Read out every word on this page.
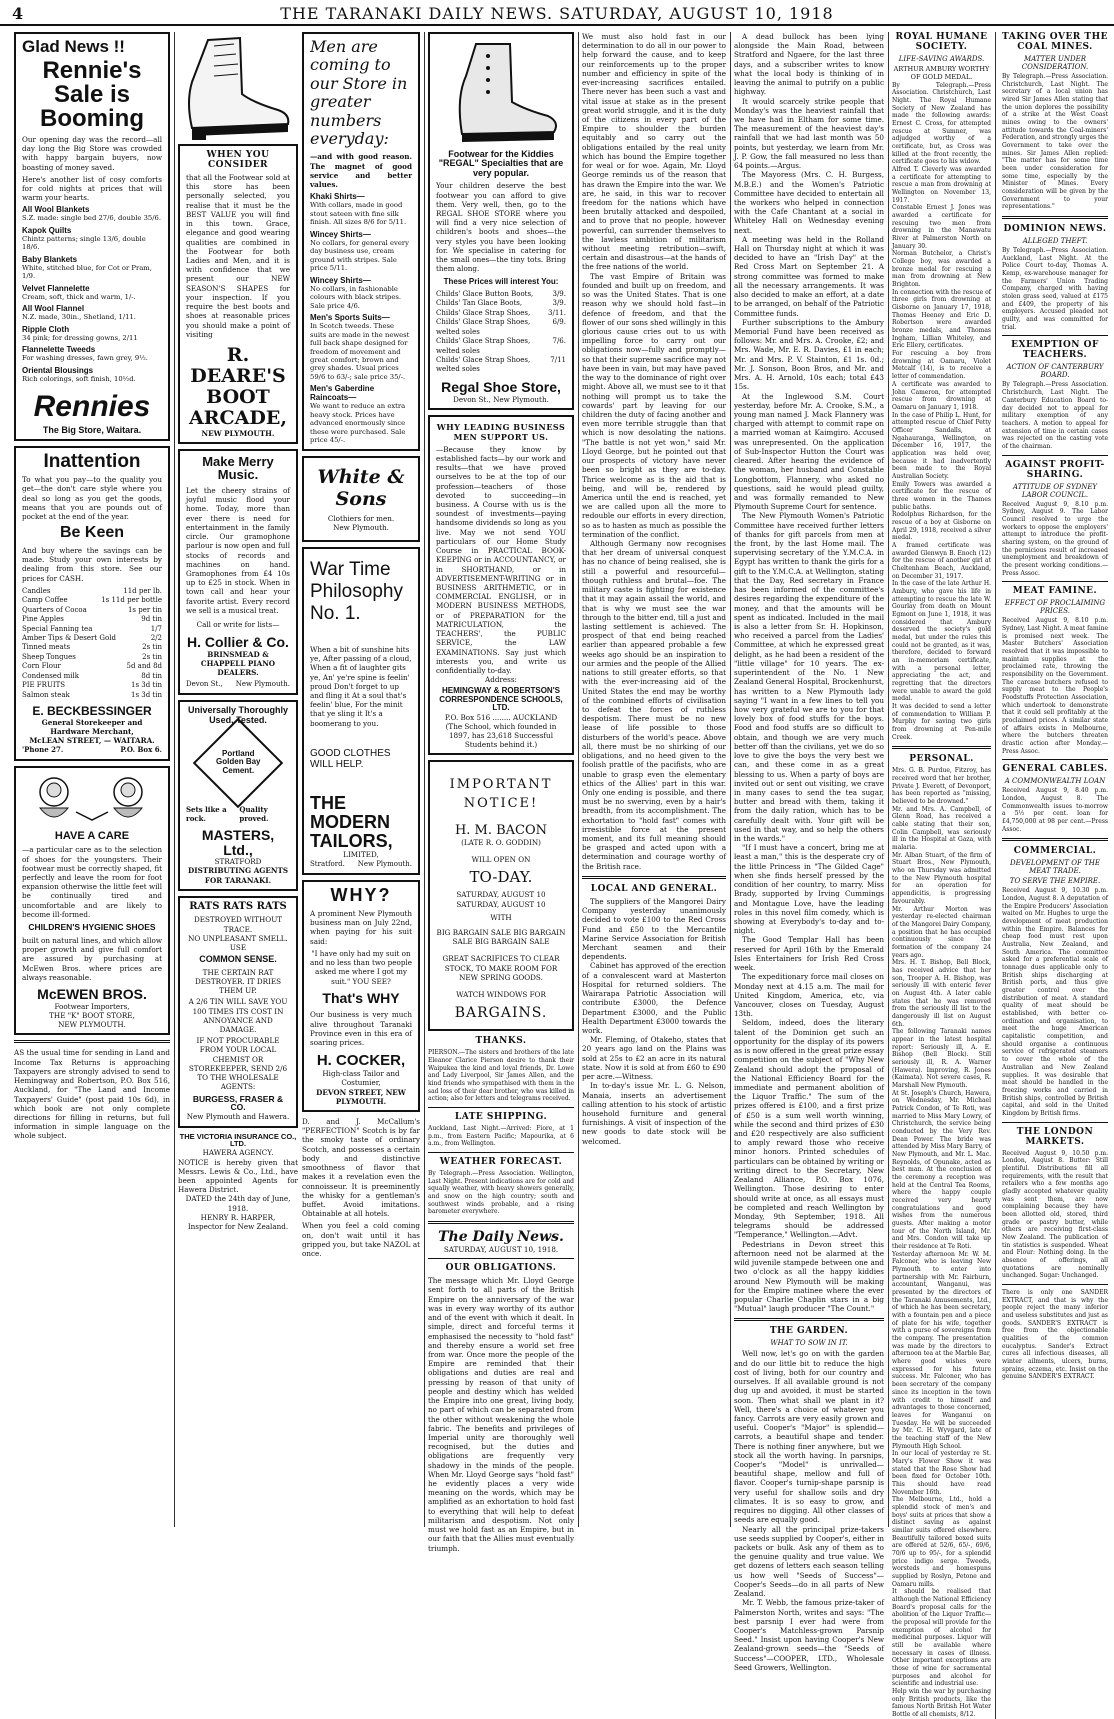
4	THE TARANAKI DAILY NEWS. SATURDAY, AUGUST 10, 1918
Glad News !!
Rennie's Sale is Booming
Our opening day was the record—all day long the Big Store was crowded with happy bargain buyers, now boasting of money saved.
Here's another list of cosy comforts for cold nights at prices that will warm your hearts.
All Wool Blankets
S.Z. made: single bed 27/6, double 35/6.
Kapok Quilts
Chintz patterns; single 13/6, double 18/6.
Baby Blankets
White, stitched blue, for Cot or Pram, 1/9.
Velvet Flannelette
Cream, soft, thick and warm, 1/-.
All Wool Flannel
N.Z. made, 30in., Shetland, 1/11.
Ripple Cloth
34 pink; for dressing gowns, 2/11
Flannelette Tweeds
For washing dresses, fawn grey, 9½.
Oriental Blousings
Rich colorings, soft finish, 10½d.
Rennies
The Big Store, Waitara.
Inattention
To what you pay—to the quality you get—the don't care style where you deal so long as you get the goods, means that you are pounds out of pocket at the end of the year.
Be Keen
And buy where the savings can be made. Study your own interests by dealing from this store. See our prices for CASH.
Candles	11d per lb.
Camp Coffee	1s 11d per bottle
Quarters of Cocoa	1s per tin
Pine Apples	9d tin
Special Fanning tea	1/7
Amber Tips & Desert Gold	2/2
Tinned meats	2s tin
Sheep Tongues	2s tin
Corn Flour	5d and 8d
Condensed milk	8d tin
PIE FRUITS	1s 3d tin
Salmon steak	1s 3d tin
E. BECKBESSINGER
General Storekeeper and Hardware Merchant,
McLEAN STREET, — WAITARA.
'Phone 27.	P.O. Box 6.
HAVE A CARE
—a particular care as to the selection of shoes for the youngsters. Their footwear must be correctly shaped, fit perfectly and leave the room for foot expansion otherwise the little feet will be continually tired and uncomfortable and are likely to become ill-formed.
CHILDREN'S HYGIENIC SHOES
built on natural lines, and which allow proper growth and give full comfort are assured by purchasing at McEwen Bros. where prices are always reasonable.
McEWEN BROS.
Footwear Importers,
THE "K" BOOT STORE,
NEW PLYMOUTH.
AS the usual time for sending in Land and Income Tax Returns is approaching Taxpayers are strongly advised to send to Hemingway and Robertson, P.O. Box 516, Auckland, for "The Land and Income Taxpayers' Guide" (post paid 10s 6d), in which book are not only complete directions for filling in returns, but full information in simple language on the whole subject.
WHEN YOU CONSIDER
that all the Footwear sold at this store has been personally selected, you realise that it must be the BEST VALUE you will find in this town. Grace, elegance and good wearing qualities are combined in the Footwear for both Ladies and Men, and it is with confidence that we present our NEW SEASON'S SHAPES for your inspection. If you require the best boots and shoes at reasonable prices you should make a point of visiting
R. DEARE'S BOOT ARCADE,
NEW PLYMOUTH.
Make Merry Music.
Let the cheery strains of joyful music flood your home. Today, more than ever there is need for entertainment in the family circle. Our gramophone parlour is now open and full stocks of records and machines on hand. Gramophones from £4 10s up to £25 in stock. When in town call and hear your favorite artist. Every record we sell is a musical treat.
Call or write for lists—
H. Collier & Co.
BRINSMEAD & CHAPPELL PIANO DEALERS.
Devon St., New Plymouth.
Universally Thoroughly Used, Tested.
Portland Golden Bay Cement.
Sets like a rock.
Quality proved.
MASTERS, Ltd.,
STRATFORD
DISTRIBUTING AGENTS FOR TARANAKI.
RATS RATS RATS
DESTROYED WITHOUT TRACE.
NO UNPLEASANT SMELL.
USE
COMMON SENSE.
THE CERTAIN RAT DESTROYER. IT DRIES THEM UP.
A 2/6 TIN WILL SAVE YOU 100 TIMES ITS COST IN ANNOYANCE AND DAMAGE.
IF NOT PROCURABLE FROM YOUR LOCAL CHEMIST OR STOREKEEPER, SEND 2/6 TO THE WHOLESALE AGENTS:
BURGESS, FRASER & CO.
New Plymouth and Hawera.
THE VICTORIA INSURANCE CO., LTD.
HAWERA AGENCY.
NOTICE is hereby given that Messrs. Lewis & Co., Ltd., have been appointed Agents for Hawera District.
DATED the 24th day of June, 1918.
HENRY R. HARPER,
Inspector for New Zealand.
Men are coming to our Store in greater numbers everyday:
—and with good reason. The magnet of good service and better values.
Khaki Shirts—
With collars, made in good stout sateen with fine silk finish. All sizes 8/6 for 5/11.
Wincey Shirts—
No collars, for general every day business use, cream ground with stripes. Sale price 5/11.
Wincey Shirts—
No collars, in fashionable colours with black stripes. Sale price 4/6.
Men's Sports Suits—
In Scotch tweeds. These suits are made in the newest full back shape designed for freedom of movement and great comfort; brown and grey shades. Usual prices 59/6 to 63/-; sale price 35/-.
Men's Gaberdine Raincoats—
We want to reduce an extra heavy stock. Prices have advanced enormously since these were purchased. Sale price 45/-.
White & Sons
Clothiers for men.
New Plymouth.
War Time Philosophy No. 1.
When a bit of sunshine hits ye, After passing of a cloud, When a fit of laughter gits ye, An' ye're spine is feelin' proud Don't forget to up and fling it At a soul that's feelin' blue, For the minit that ye sling it It's a boomerang to you.
GOOD CLOTHES WILL HELP.
THE MODERN TAILORS,
LIMITED,
Stratford. New Plymouth.
WHY?
A prominent New Plymouth business man on July 22nd, when paying for his suit said:
"I have only had my suit on and no less than two people asked me where I got my suit." YOU SEE?
That's WHY
Our business is very much alive throughout Taranaki Province even in this era of soaring prices.
H. COCKER,
High-class Tailor and Costumier,
DEVON STREET, NEW PLYMOUTH.
D. and J. McCallum's "PERFECTION" Scotch is by far the smoky taste of ordinary Scotch, and possesses a certain body and distinctive smoothness of flavor that makes it a revelation even the connoisseur. It is preeminently the whisky for a gentleman's buffet. Avoid imitations. Obtainable at all hotels.
When you feel a cold coming on, don't wait until it has gripped you, but take NAZOL at once.
Footwear for the Kiddies "REGAL" Specialties that are very popular.
Your children deserve the best footwear you can afford to give them. Very well, then, go to the REGAL SHOE STORE where you will find a very nice selection of children's boots and shoes—the very styles you have been looking for. We specialise in catering for the small ones—the tiny tots. Bring them along.
These Prices will interest You:
Childs' Glace Button Boots,	3/9.
Childs' Tan Glace Boots,	3/9.
Childs' Glace Strap Shoes,	3/11.
Childs' Glace Strap Shoes, welted soles
6/9.
Childs' Glace Strap Shoes, welted soles
7/6.
Childs' Glace Strap Shoes, welted soles
7/11
Regal Shoe Store,
Devon St., New Plymouth.
WHY LEADING BUSINESS MEN SUPPORT US.
—Because they know by established facts—by our work and results—that we have proved ourselves to be at the top of our profession—teachers of those devoted to succeeding—in business. A Course with us is the soundest of investments—paying handsome dividends so long as you live. May we not send YOU particulars of our Home Study Course in PRACTICAL BOOK-KEEPING or in ACCOUNTANCY, or in SHORTHAND, or in ADVERTISEMENT-WRITING or in BUSINESS ARITHMETIC, or in COMMERCIAL ENGLISH, or in MODERN BUSINESS METHODS, or of PREPARATION for the MATRICULATION, the TEACHERS', the PUBLIC SERVICE, the LAW EXAMINATIONS. Say just which interests you, and write us confidentially to-day.
Address:
HEMINGWAY & ROBERTSON'S CORRESPONDENCE SCHOOLS, LTD.
P.O. Box 516 ........ AUCKLAND
(The School, which founded in 1897, has 23,618 Successful Students behind it.)
IMPORTANT NOTICE!
H. M. BACON
(LATE R. O. GODDIN)
WILL OPEN ON
TO-DAY.
SATURDAY, AUGUST 10 SATURDAY, AUGUST 10
WITH
BIG BARGAIN SALE BIG BARGAIN SALE BIG BARGAIN SALE
GREAT SACRIFICES TO CLEAR STOCK, TO MAKE ROOM FOR NEW SPRING GOODS.
WATCH WINDOWS FOR
BARGAINS.
THANKS.
PIERSON.—The sisters and brothers of the late Eleanor Clarice Pierson desire to thank their Waipukea the kind and loyal friends, Dr. Lowe and Lady Liverpool, Sir James Allen, and the kind friends who sympathised with them in the sad loss of their dear brother, who was killed in action; also for letters and telegrams received.
LATE SHIPPING.
Auckland, Last Night.—Arrived: Fiore, at 1 p.m., from Eastern Pacific; Mapourika, at 6 a.m., from Wellington.
WEATHER FORECAST.
By Telegraph.—Press Association. Wellington, Last Night. Present indications are for cold and squally weather, with heavy showers generally, and snow on the high country; south and southwest winds probable, and a rising barometer everywhere.
The Daily News.
SATURDAY, AUGUST 10, 1918.
OUR OBLIGATIONS.
The message which Mr. Lloyd George sent forth to all parts of the British Empire on the anniversary of the war was in every way worthy of its author and of the event with which it dealt. In simple, direct and forceful terms it emphasised the necessity to "hold fast" and thereby ensure a world set free from war. Once more the people of the Empire are reminded that their obligations and duties are real and pressing by reason of that unity of people and destiny which has welded the Empire into one great, living body, no part of which can be separated from the other without weakening the whole fabric. The benefits and privileges of Imperial unity are thoroughly well recognised, but the duties and obligations are frequently very shadowy in the minds of the people. When Mr. Lloyd George says "hold fast" he evidently places a very wide meaning on the words, which may be amplified as an exhortation to hold fast to everything that will help to defeat militarism and despotism. Not only must we hold fast as an Empire, but in our faith that the Allies must eventually triumph.
We must also hold fast in our determination to do all in our power to help forward the cause, and to keep our reinforcements up to the proper number and efficiency in spite of the ever-increasing sacrifices entailed. There never has been such a vast and vital issue at stake as in the present great world struggle, and it is the duty of the citizens in every part of the Empire to shoulder the burden equitably and so carry out the obligations entailed by the real unity which has bound the Empire together for weal or for woe. Again, Mr. Lloyd George reminds us of the reason that has drawn the Empire into the war. We are, he said, in this war to recover freedom for the nations which have been brutally attacked and despoiled, and to prove that no people, however powerful, can surrender themselves to the lawless ambition of militarism without meeting retribution—swift, certain and disastrous—at the hands of the free nations of the world.
The vast Empire of Britain was founded and built up on freedom, and so was the United States. That is one reason why we should hold fast—in defence of freedom, and that the flower of our sons shed willingly in this glorious cause cries out to us with impelling force to carry out our obligations now—fully and promptly—so that their supreme sacrifice may not have been in vain, but may have paved the way to the dominance of right over might. Above all, we must see to it that nothing will prompt us to take the cowards' part by leaving for our children the duty of facing another and even more terrible struggle than that which is now desolating the nations. "The battle is not yet won," said Mr. Lloyd George, but he pointed out that our prospects of victory have never been so bright as they are to-day. Thrice welcome as is the aid that is being, and will be, rendered by America until the end is reached, yet we are called upon all the more to redouble our efforts in every direction, so as to hasten as much as possible the termination of the conflict.
Although Germany now recognises that her dream of universal conquest has no chance of being realised, she is still a powerful and resourceful—though ruthless and brutal—foe. The military caste is fighting for existence that it may again assail the world, and that is why we must see the war through to the bitter end, till a just and lasting settlement is achieved. The prospect of that end being reached earlier than appeared probable a few weeks ago should be an inspiration to our armies and the people of the Allied nations to still greater efforts, so that with the ever-increasing aid of the United States the end may be worthy of the combined efforts of civilisation to defeat the forces of ruthless despotism. There must be no new lease of life possible to those disturbers of the world's peace. Above all, there must be no shirking of our obligations, and no heed given to the foolish prattle of the pacifists, who are unable to grasp even the elementary ethics of the Allies' part in this war. Only one ending is possible, and there must be no swerving, even by a hair's breadth, from its accomplishment. The exhortation to "hold fast" comes with irresistible force at the present moment, and its full meaning should be grasped and acted upon with a determination and courage worthy of the British race.
LOCAL AND GENERAL.
The suppliers of the Mangorei Dairy Company yesterday unanimously decided to vote £100 to the Red Cross Fund and £50 to the Mercantile Marine Service Association for British Merchant seamen and their dependents.
Cabinet has approved of the erection of a convalescent ward at Masterton Hospital for returned soldiers. The Wairarapa Patriotic Association will contribute £3000, the Defence Department £3000, and the Public Health Department £3000 towards the work.
Mr. Fleming, of Otakeho, states that 20 years ago land on the Plains was sold at 25s to £2 an acre in its natural state. Now it is sold at from £60 to £90 per acre.—Witness.
In to-day's issue Mr. L. G. Nelson, Manaia, inserts an advertisement calling attention to his stock of artistic household furniture and general furnishings. A visit of inspection of the new goods to date stock will be welcomed.
A dead bullock has been lying alongside the Main Road, between Stratford and Ngaere, for the last three days, and a subscriber writes to know what the local body is thinking of in leaving the animal to putrify on a public highway.
It would scarcely strike people that Monday's was the heaviest rainfall that we have had in Eltham for some time. The measurement of the heaviest day's rainfall that we had last month was 50 points, but yesterday, we learn from Mr. J. P. Gow, the fall measured no less than 64 points.—Argus.
The Mayoress (Mrs. C. H. Burgess, M.B.E.) and the Women's Patriotic Committee have decided to entertain all the workers who helped in connection with the Cafe Chantant at a social in Whiteley Hall on Wednesday evening next.
A meeting was held in the Rolland Hall on Thursday night at which it was decided to have an "Irish Day" at the Red Cross Mart on September 21. A strong committee was formed to make all the necessary arrangements. It was also decided to make an effort, at a date to be arranged, on behalf of the Patriotic Committee funds.
Further subscriptions to the Ambury Memorial Fund have been received as follows: Mr. and Mrs. A. Crooke, £2; and Mrs. Wade, Mr. E. R. Davies, £1 in each; Mr. and Mrs. P. V. Stainton, £1 1s. 0d.; Mr. J. Sonson, Boon Bros, and Mr. and Mrs. A. H. Arnold, 10s each; total £43 15s.
At the Inglewood S.M. Court yesterday, before Mr. A. Crooke, S.M., a young man named J. Mack Flannery was charged with attempt to commit rape on a married woman at Kaimgiro. Accused was unrepresented. On the application of Sub-Inspector Hutton the Court was cleared. After hearing the evidence of the woman, her husband and Constable Longbottom, Flannery, who asked no questions, said he would plead guilty, and was formally remanded to New Plymouth Supreme Court for sentence.
The New Plymouth Women's Patriotic Committee have received further letters of thanks for gift parcels from men at the front, by the last Home mail. The supervising secretary of the Y.M.C.A. in Egypt has written to thank the girls for a gift to the Y.M.C.A. at Wellington, stating that the Day, Red secretary in France has been informed of the committee's desires regarding the expenditure of the money, and that the amounts will be spent as indicated. Included in the mail is also a letter from Sr. H. Hopkinson, who received a parcel from the Ladies' Committee, at which he expressed great delight, as he had been a resident of the "little village" for 10 years. The ex-superintendent of the No. 1 New Zealand General Hospital, Brockenhurst, has written to a New Plymouth lady saying "I want in a few lines to tell you how very grateful we are to you for that lovely box of food stuffs for the boys. Food and food stuffs are so difficult to obtain, and though we are very much better off than the civilians, yet we do so love to give the boys the very best we can, and these come in as a great blessing to us. When a party of boys are invited out or sent out visiting, we crave in many cases to send the tea sugar, butter and bread with them, taking it from the daily ration, which has to be carefully dealt with. Your gift will be used in that way, and so help the others in the wards."
"If I must have a concert, bring me at least a man," this is the desperate cry of the little Princess in "The Gilded Cage" when she finds herself pressed by the condition of her country, to marry. Miss Brady, supported by Irving Cummings and Montague Love, have the leading roles in this novel film comedy, which is showing at Everybody's to-day and to-night.
The Good Templar Hall has been reserved for April 16th by the Emerald Isles Entertainers for Irish Red Cross week.
The expeditionary force mail closes on Monday next at 4.15 a.m. The mail for United Kingdom, America, etc, via Vancouver, closes on Tuesday, August 13th.
Seldom, indeed, does the literary talent of the Dominion get such an opportunity for the display of its powers as is now offered in the great prize essay competition on the subject of "Why New Zealand should adopt the proposal of the National Efficiency Board for the immediate and permanent abolition of the Liquor Traffic." The sum of the prizes offered is £100, and a first prize of £50 is a sum well worth winning, while the second and third prizes of £30 and £20 respectively are also sufficient to amply reward those who receive minor honors. Printed schedules of particulars can be obtained by writing or writing direct to the Secretary, New Zealand Alliance, P.O. Box 1076, Wellington. Those desiring to enter should write at once, as all essays must be completed and reach Wellington by Monday, 9th September, 1918. All telegrams should be addressed "Temperance," Wellington.—Advt.
Pedestrians in Devon street this afternoon need not be alarmed at the wild juvenile stampede between one and two o'clock as all the happy kiddies around New Plymouth will be making for the Empire matinee where the ever popular Charlie Chaplin stars in a big "Mutual" laugh producer "The Count."
THE GARDEN.
WHAT TO SOW IN IT.
Well now, let's go on with the garden and do our little bit to reduce the high cost of living, both for our country and ourselves. If all available ground is not dug up and avoided, it must be started soon. Then what shall we plant in it? Well, there's a choice of whatever you fancy. Carrots are very easily grown and useful. Cooper's "Major" is splendid—carrots, a beautiful shape and tender. There is nothing finer anywhere, but we stock all the worth having. In parsnips, Cooper's "Model" is unrivalled—beautiful shape, mellow and full of flavor. Cooper's turnip-shape parsnip is very useful for shallow soils and dry climates. It is so easy to grow, and requires no digging. All other classes of seeds are equally good.
Nearly all the principal prize-takers use seeds supplied by Cooper's, either in packets or bulk. Ask any of them as to the genuine quality and true value. We get dozens of letters each season telling us how well "Seeds of Success"—Cooper's Seeds—do in all parts of New Zealand.
Mr. T. Webb, the famous prize-taker of Palmerston North, writes and says: "The best parsnip I ever had were from Cooper's Matchless-grown Parsnip Seed." Insist upon having Cooper's New Zealand-grown seeds—the "Seeds of Success"—COOPER, LTD., Wholesale Seed Growers, Wellington.
ROYAL HUMANE SOCIETY.
LIFE-SAVING AWARDS.
ARTHUR AMBURY WORTHY OF GOLD MEDAL.
By Telegraph.—Press Association. Christchurch, Last Night. The Royal Humane Society of New Zealand has made the following awards: Ernest C. Cross, for attempted rescue at Sumner, was adjudged worthy of a certificate, but, as Cross was killed at the front recently, the certificate goes to his widow.
Alfred T. Cleverly was awarded a certificate for attempting to rescue a man from drowning at Wellington on November 13, 1917.
Constable Ernest J. Jones was awarded a certificate for rescuing two men from drowning in the Manawatu River at Palmerston North on January 30.
Norman Butchelor, a Christ's College boy, was awarded a bronze medal for rescuing a man from drowning at New Brighton.
In connection with the rescue of three girls from drowning at Gisborne on January 17, 1918, Thomas Heeney and Eric D. Robertson were awarded bronze medals, and Thomas Ingham, Lillian Whiteley, and Eric Ellery, certificates.
For rescuing a boy from drowning at Oamaru, Violet Metcalf (14), is to receive a letter of commendation.
A certificate was awarded to John Cameron, for attempted rescue from drowning at Oamaru on January 1, 1918.
In the case of Philip L. Hunt, for attempted rescue of Chief Petty Officer Sandalls, at Ngahauranga, Wellington, on December 16, 1917, the application was held over, because it had inadvertently been made to the Royal Australian Society.
Emily Towers was awarded a certificate for the rescue of three women in the Thames public baths.
Rodolphus Richardson, for the rescue of a boy at Gisborne on April 29, 1918, received a silver medal.
A framed certificate was awarded Glenwyn B. Enoch (12) for the rescue of another girl at Cheltenham Beach, Auckland, on December 31, 1917.
In the case of the late Arthur H. Ambury, who gave his life in attempting to rescue the late W. Gourlay from death on Mount Egmont on June 1, 1918, it was considered that Ambury deserved the society's gold medal, but under the rules this could not be granted, as it was, therefore, decided to forward an in-memoriam certificate, with a personal letter, appreciating the act, and regretting that the directors were unable to award the gold medal.
It was decided to send a letter of commendation to William P. Murphy for saving two girls from drowning at Pen-mile Creek.
PERSONAL.
Mrs. G. B. Purdue, Fitzroy, has received word that her brother, Private J. Everett, of Devonport, has been reported as "missing, believed to be drowned."
Mr. and Mrs. A. Campbell, of Glenn Road, has received a cable stating that their son, Colin Campbell, was seriously ill in the Hospital at Gaza, with malaria.
Mr. Alban Stuart, of the firm of Stuart Bros., New Plymouth, who on Thursday was admitted to the New Plymouth hospital for an operation for appendicitis, is progressing favourably.
Mr. Arthur Morton was yesterday re-elected chairman of the Mangorei Dairy Company, a position that he has occupied continuously since the formation of the company 24 years ago.
Mrs. H. T. Bishop, Bell Block, has received advice that her son, Trooper A. H. Bishop, was seriously ill with enteric fever on August 4th. A later cable states that he was removed from the seriously ill list to the dangerously ill list on August 6th.
The following Taranaki names appear in the latest hospital report: Seriously ill, A. E. Bishop (Bell Block). Still seriously ill, R. A. Warner (Hawera). Improving, R. Jones (Kaimata). Not severe cases, R. Marshall New Plymouth.
At St. Joseph's Church, Hawera, on Wednesday, Mr. Michael Patrick Condon, of Te Roti, was married to Miss Mary Lowry, of Christchurch, the service being conducted by the Very Rev. Dean Power. The bride was attended by Miss Mary Barry, of New Plymouth, and Mr. L. Mac. Reynolds, of Opunake, acted as best man. At the conclusion of the ceremony a reception was held at the Central Tea Rooms, where the happy couple received very hearty congratulations and good wishes from the numerous guests. After making a motor tour of the North Island, Mr. and Mrs. Condon will take up their residence at Te Roti.
Yesterday afternoon Mr. W. M. Falconer, who is leaving New Plymouth to enter into partnership with Mr. Fairburn, accountant, Wanganui, was presented by the directors of the Taranaki Amusements, Ltd., of which he has been secretary, with a fountain pen and a piece of plate for his wife, together with a purse of sovereigns from the company. The presentation was made by the directors to afternoon tea at the Marble Bar, where good wishes were expressed for his future success. Mr. Falconer, who has been secretary of the company since its inception in the town with credit to himself and advantages to those concerned, leaves for Wanganui on Tuesday. He will be succeeded by Mr. C. H. Wyvgard, late of the teaching staff of the New Plymouth High School.
In our local of yesterday re St. Mary's Flower Show it was stated that the Rose Show had been fixed for October 10th. This should have read November 16th.
The Melbourne, Ltd., hold a splendid stock of men's and boys' suits at prices that show a distinct saving as against similar suits offered elsewhere. Beautifully tailored boxed suits are offered at 52/6, 65/-, 69/6, 70/6 up to 95/-, for a splendid price indigo serge. Tweeds, worsteds and homespuns supplied by Roslyn, Petone and Oamaru mills.
It should be realised that although the National Efficiency Board's proposal calls for the abolition of the Liquor Traffic—the proposal will provide for the exemption of alcohol for medicinal purposes. Liquor will still be available where necessary in cases of illness. Other important exceptions are those of wine for sacramental purposes and alcohol for scientific and industrial use.
Help win the war by purchasing only British products, like the famous North British Hot Water Bottle of all chemists, 8/12.
TAKING OVER THE COAL MINES.
MATTER UNDER CONSIDERATION.
By Telegraph.—Press Association. Christchurch, Last Night. The secretary of a local union has wired Sir James Allen stating that the union deplores the possibility of a strike at the West Coast mines owing to the owners' attitude towards the Coal-miners' Federation, and strongly urges the Government to take over the mines. Sir James Allen replied: "The matter has for some time been under consideration for some time, especially by the Minister of Mines. Every consideration will be given by the Government to your representations."
DOMINION NEWS.
ALLEGED THEFT.
By Telegraph.—Press Association. Auckland, Last Night. At the Police Court to-day, Thomas A. Kemp, ex-warehouse manager for the Farmers' Union Trading Company, charged with having stolen grass seed, valued at £175 and £409, the property of his employers. Accused pleaded not guilty, and was committed for trial.
EXEMPTION OF TEACHERS.
ACTION OF CANTERBURY BOARD.
By Telegraph.—Press Association. Christchurch, Last Night. The Canterbury Education Board to-day decided not to appeal for military exemption of any teachers. A motion to appeal for extension of time in certain cases was rejected on the casting vote of the chairman.
AGAINST PROFIT-SHARING.
ATTITUDE OF SYDNEY LABOR COUNCIL.
Received August 9, 8.10 p.m. Sydney, August 9. The Labor Council resolved to urge the workers to oppose the employers' attempt to introduce the profit-sharing system, on the ground of the pernicious result of increased unemployment and breakdown of the present working conditions.—Press Assoc.
MEAT FAMINE.
EFFECT OF PROCLAIMING PRICES.
Received August 9, 8.10 p.m. Sydney, Last Night. A meat famine is promised next week. The Master Butchers' Association resolved that it was impossible to maintain supplies at the proclaimed rate, throwing the responsibility on the Government. The carcase butchers refused to supply meat to the People's Foodstuffs Protection Association, which undertook to demonstrate that it could sell profitably at the proclaimed prices. A similar state of affairs exists in Melbourne, where the butchers threaten drastic action after Monday.—Press Assoc.
GENERAL CABLES.
A COMMONWEALTH LOAN
Received August 9, 8.40 p.m. London, August 8. The Commonwealth issues to-morrow a 5½ per cent. loan for £4,750,000 at 98 per cent.—Press Assoc.
COMMERCIAL.
DEVELOPMENT OF THE MEAT TRADE.
TO SERVE THE EMPIRE.
Received August 9, 10.30 p.m. London, August 8. A deputation of the Empire Producers' Association waited on Mr. Hughes to urge the development of meat production within the Empire. Balances for cheap food must rest upon Australia, New Zealand, and South America. The committee asked for a preferential scale of tonnage dues applicable only to British ships discharging at British ports, and thus give greater control over the distribution of meat. A standard quality of meat should be established, with better co-ordination and organisation, to meet the huge American capitalistic competition, and should organise a continuous service of refrigerated steamers to cover the whole of the Australian and New Zealand supplies. It was desirable that meat should be handled in the freezing works and carried in British ships, controlled by British capital, and sold in the United Kingdom by British firms.
THE LONDON MARKETS.
Received August 9, 10.50 p.m. London, August 8. Butter: Still plentiful. Distributions fill all requirements, with the result that retailers who a few months ago gladly accepted whatever quality was sent them, are now complaining because they have been allotted old, stored, third grade or pastry butter, while others are receiving first-class New Zealand. The publication of tin statistics is suspended. Wheat and Flour: Nothing doing. In the absence of offerings, all quotations are nominally unchanged. Sugar: Unchanged.
There is only one SANDER EXTRACT, and that is why the people reject the many inferior and useless substitutes and just as goods. SANDER'S EXTRACT is free from the objectionable qualities of the common eucalyptus. Sander's Extract cures all infectious diseases, all winter ailments, ulcers, burns, sprains, eczema, etc. Insist on the genuine SANDER'S EXTRACT.
